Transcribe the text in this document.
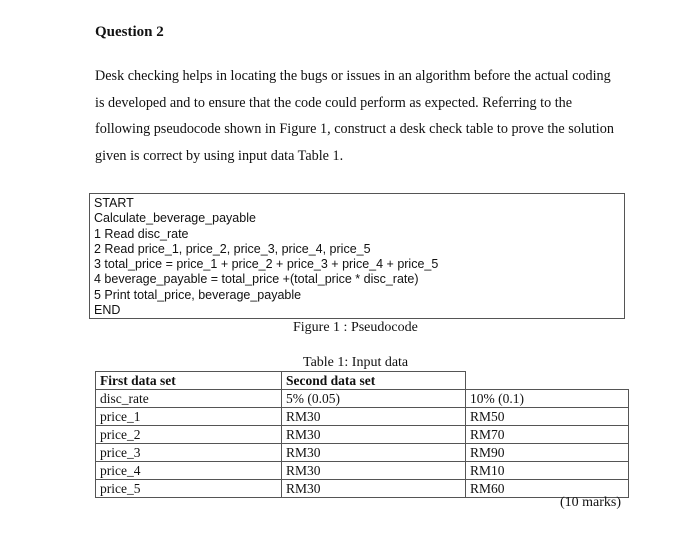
Question 2

Desk checking helps in locating the bugs or issues in an algorithm before the actual coding
is developed and to ensure that the code could perform as expected. Referring to the
following pseudocode shown in Figure 1, construct a desk check table to prove the solution
given is correct by using input data Table 1.

START
Calculate_beverage_payable
1 Read disc_rate
2 Read price_1, price_2, price_3, price_4, price_5
3 total_price = price_1 + price_2 + price_3 + price_4 + price_5
4 beverage_payable = total_price +(total_price * disc_rate)
5 Print total_price, beverage_payable
END
Figure 1 : Pseudocode
Table 1: Input data
First data set	Second data set	
disc_rate	5% (0.05)	10% (0.1)
price_1	RM30	RM50
price_2	RM30	RM70
price_3	RM30	RM90
price_4	RM30	RM10
price_5	RM30	RM60
(10 marks)
